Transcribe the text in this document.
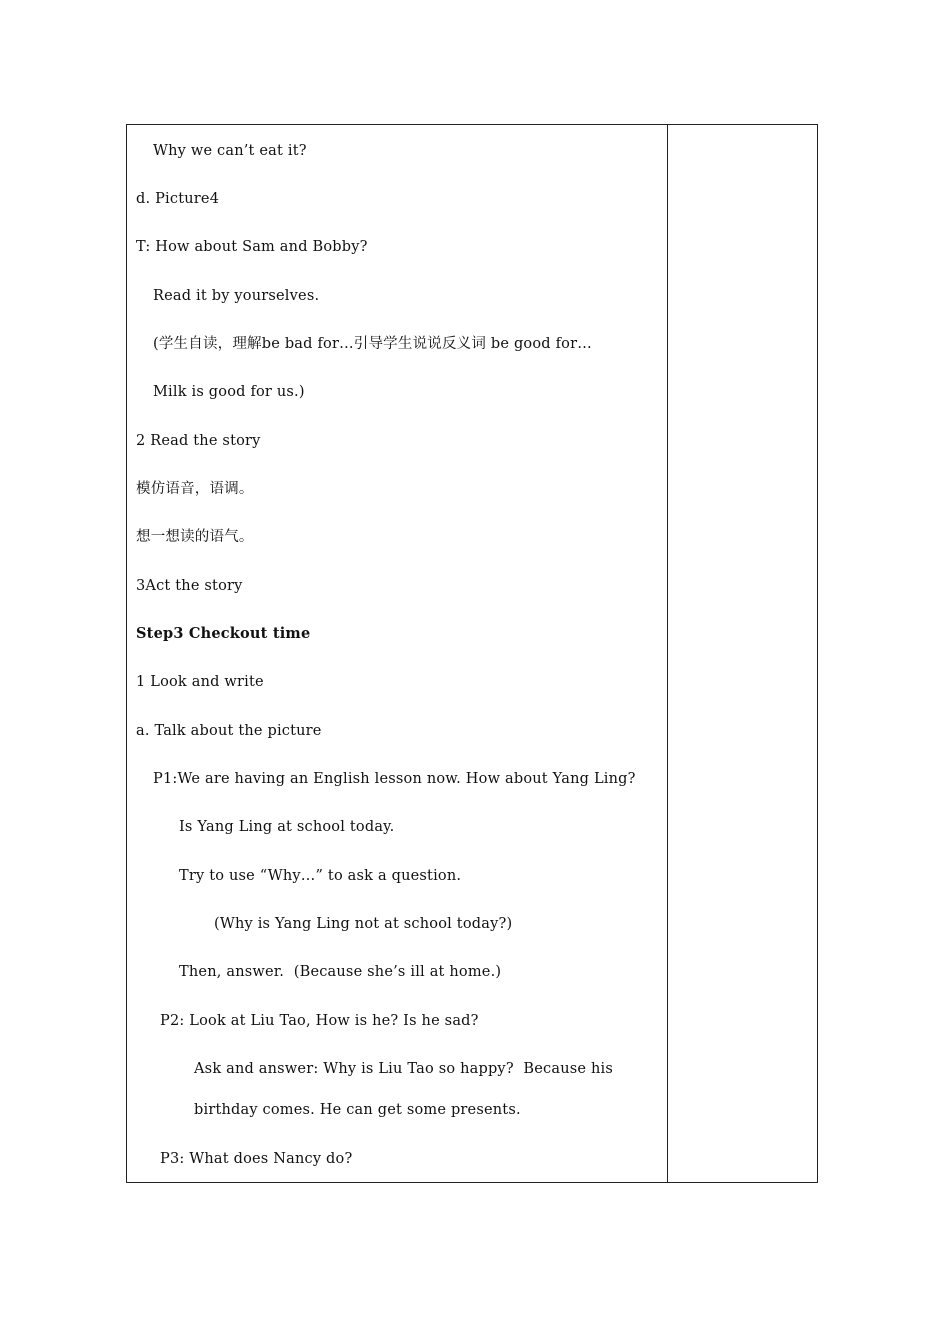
Why we can’t eat it?
d. Picture4
T: How about Sam and Bobby?
Read it by yourselves.
(学生自读，理解be bad for…引导学生说说反义词 be good for…
Milk is good for us.)
2 Read the story
模仿语音，语调。
想一想读的语气。
3Act the story
Step3 Checkout time
1 Look and write
a. Talk about the picture
P1:We are having an English lesson now. How about Yang Ling?
Is Yang Ling at school today.
Try to use “Why…” to ask a question.
(Why is Yang Ling not at school today?)
Then, answer.  (Because she’s ill at home.)
P2: Look at Liu Tao, How is he? Is he sad?
Ask and answer: Why is Liu Tao so happy?  Because his
birthday comes. He can get some presents.
P3: What does Nancy do?
